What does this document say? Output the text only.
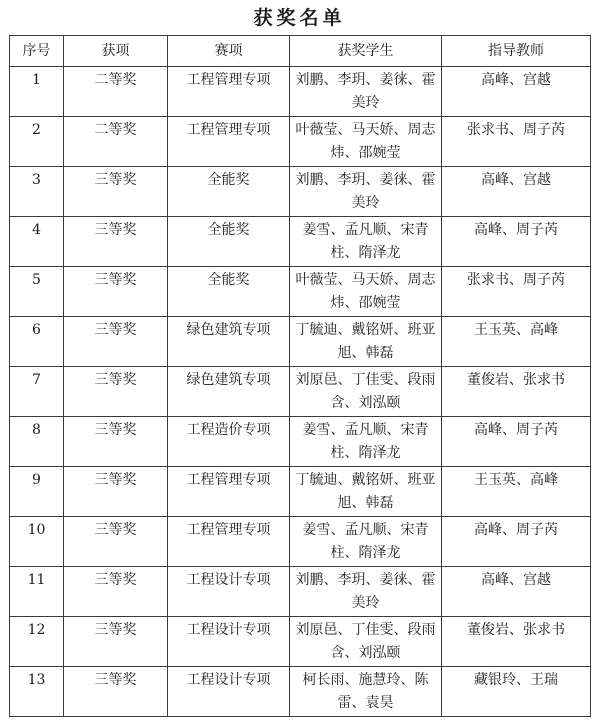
获奖名单
序号	获项	赛项	获奖学生	指导教师
1	二等奖	工程管理专项	刘鹏、李玥、姜徕、霍美玲	高峰、宫越
2	二等奖	工程管理专项	叶薇莹、马天娇、周志炜、邵婉莹	张求书、周子芮
3	三等奖	全能奖	刘鹏、李玥、姜徕、霍美玲	高峰、宫越
4	三等奖	全能奖	姜雪、孟凡顺、宋青柱、隋泽龙	高峰、周子芮
5	三等奖	全能奖	叶薇莹、马天娇、周志炜、邵婉莹	张求书、周子芮
6	三等奖	绿色建筑专项	丁毓迪、戴铭妍、班亚旭、韩磊	王玉英、高峰
7	三等奖	绿色建筑专项	刘原邑、丁佳雯、段雨含、刘泓颐	董俊岩、张求书
8	三等奖	工程造价专项	姜雪、孟凡顺、宋青柱、隋泽龙	高峰、周子芮
9	三等奖	工程管理专项	丁毓迪、戴铭妍、班亚旭、韩磊	王玉英、高峰
10	三等奖	工程管理专项	姜雪、孟凡顺、宋青柱、隋泽龙	高峰、周子芮
11	三等奖	工程设计专项	刘鹏、李玥、姜徕、霍美玲	高峰、宫越
12	三等奖	工程设计专项	刘原邑、丁佳雯、段雨含、刘泓颐	董俊岩、张求书
13	三等奖	工程设计专项	柯长雨、施慧玲、陈雷、袁昊	藏银玲、王瑞
